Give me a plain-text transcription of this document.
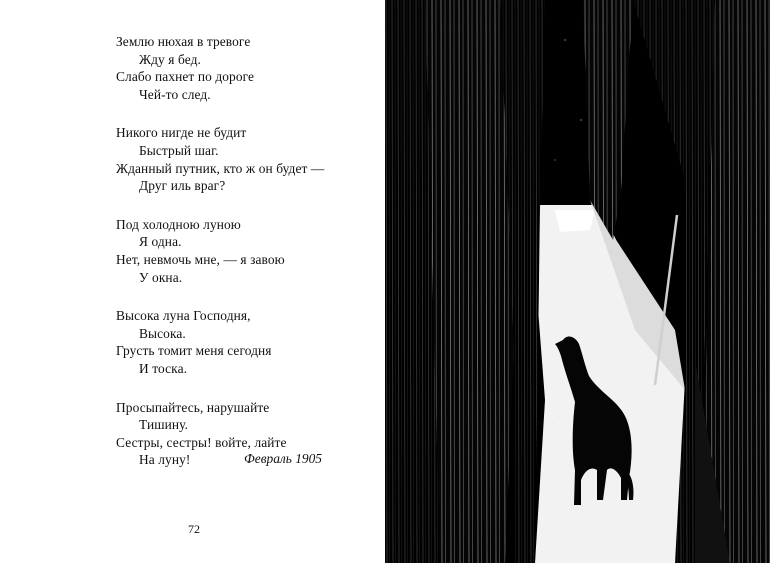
Землю нюхая в тревоге
Жду я бед.
Слабо пахнет по дороге
Чей-то след.
Никого нигде не будит
Быстрый шаг.
Жданный путник, кто ж он будет —
Друг иль враг?
Под холодною луною
Я одна.
Нет, невмочь мне, — я завою
У окна.
Высока луна Господня,
Высока.
Грусть томит меня сегодня
И тоска.
Просыпайтесь, нарушайте
Тишину.
Сестры, сестры! войте, лайте
На луну!	Февраль 1905
72
